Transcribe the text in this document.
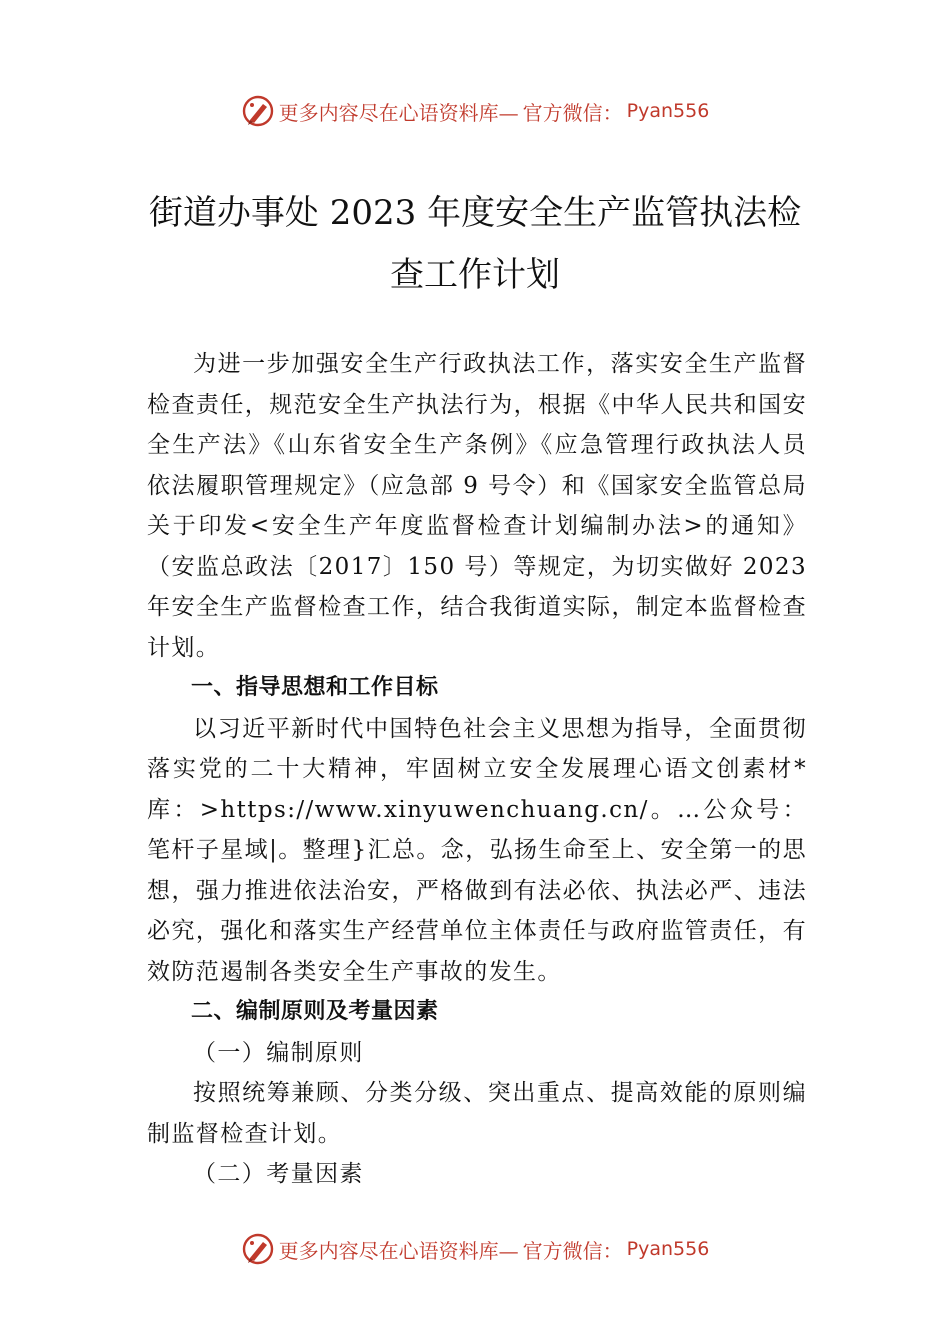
更多内容尽在心语资料库— 官方微信： Pyan556
街道办事处 2023 年度安全生产监管执法检
查工作计划

为进一步加强安全生产行政执法工作，落实安全生产监督检查责任，规范安全生产执法行为，根据《中华人民共和国安全生产法》《山东省安全生产条例》《应急管理行政执法人员依法履职管理规定》（应急部 9 号令）和《国家安全监管总局关于印发<安全生产年度监督检查计划编制办法>的通知》（安监总政法〔2017〕150 号）等规定，为切实做好 2023 年安全生产监督检查工作，结合我街道实际，制定本监督检查计划。

一、指导思想和工作目标

以习近平新时代中国特色社会主义思想为指导，全面贯彻落实党的二十大精神，牢固树立安全发展理心语文创素材*库：>https://www.xinyuwenchuang.cn/。…公众号：笔杆子星域|。整理}汇总。念，弘扬生命至上、安全第一的思想，强力推进依法治安，严格做到有法必依、执法必严、违法必究，强化和落实生产经营单位主体责任与政府监管责任，有效防范遏制各类安全生产事故的发生。

二、编制原则及考量因素

（一）编制原则

按照统筹兼顾、分类分级、突出重点、提高效能的原则编制监督检查计划。

（二）考量因素

更多内容尽在心语资料库— 官方微信： Pyan556
